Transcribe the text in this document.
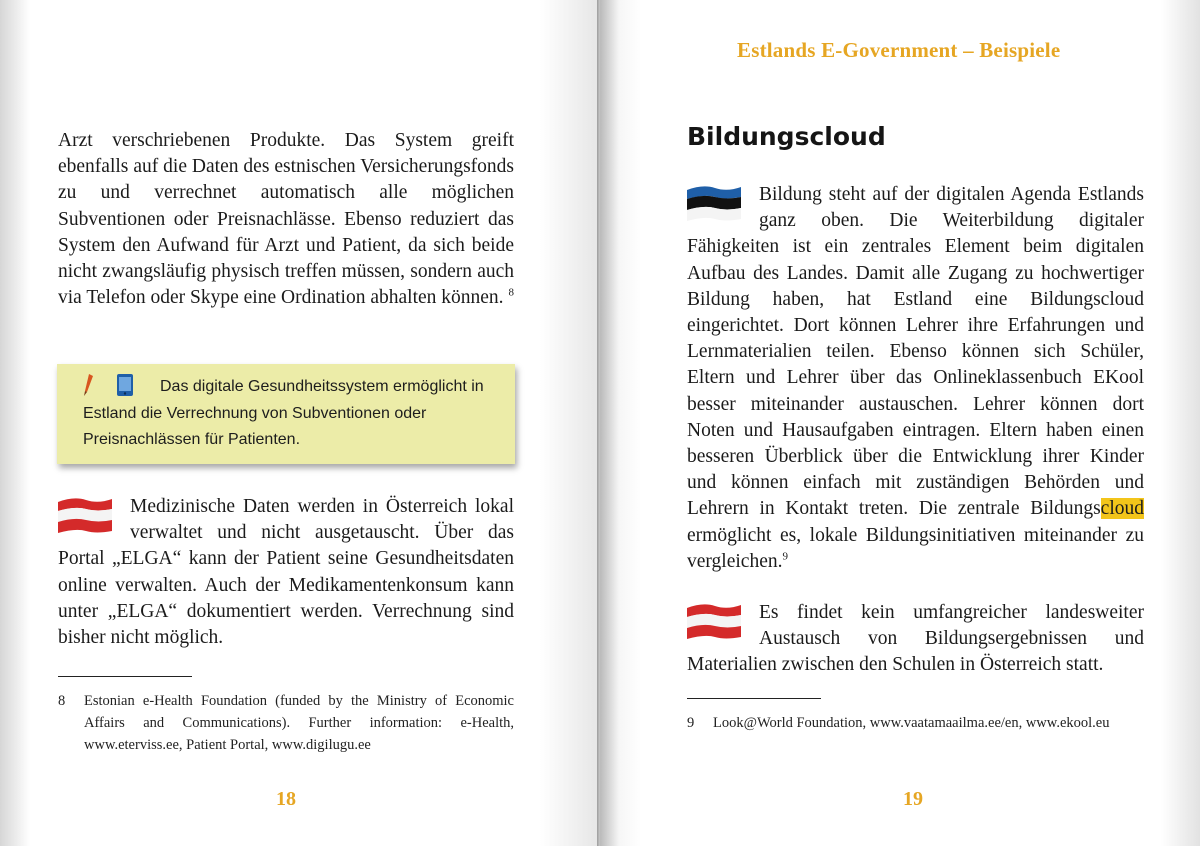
Arzt verschriebenen Produkte. Das System greift ebenfalls auf die Daten des estnischen Versicherungsfonds zu und verrechnet automatisch alle möglichen Subventionen oder Preisnachlässe. Ebenso reduziert das System den Aufwand für Arzt und Patient, da sich beide nicht zwangsläufig physisch treffen müssen, sondern auch via Telefon oder Skype eine Ordination abhalten können. $^8$
Das digitale Gesundheitssystem ermöglicht in Estland die Verrechnung von Subventionen oder Preisnachlässen für Patienten.
Medizinische Daten werden in Österreich lokal verwaltet und nicht ausgetauscht. Über das Portal „ELGA“ kann der Patient seine Gesundheitsdaten online verwalten. Auch der Medikamentenkonsum kann unter „ELGA“ dokumentiert werden. Verrechnung sind bisher nicht möglich.
8 Estonian e-Health Foundation (funded by the Ministry of Economic Affairs and Communications). Further information: e-Health, www.eterviss.ee, Patient Portal, www.digilugu.ee
18
Estlands E-Government – Beispiele
Bildungscloud
Bildung steht auf der digitalen Agenda Estlands ganz oben. Die Weiterbildung digitaler Fähigkeiten ist ein zentrales Element beim digitalen Aufbau des Landes. Damit alle Zugang zu hochwertiger Bildung haben, hat Estland eine Bildungscloud eingerichtet. Dort können Lehrer ihre Erfahrungen und Lernmaterialien teilen. Ebenso können sich Schüler, Eltern und Lehrer über das Onlineklassenbuch EKool besser miteinander austauschen. Lehrer können dort Noten und Hausaufgaben eintragen. Eltern haben einen besseren Überblick über die Entwicklung ihrer Kinder und können einfach mit zuständigen Behörden und Lehrern in Kontakt treten. Die zentrale Bildungscloud ermöglicht es, lokale Bildungsinitiativen miteinander zu vergleichen.$^9$
Es findet kein umfangreicher landesweiter Austausch von Bildungsergebnissen und Materialien zwischen den Schulen in Österreich statt.
9 Look@World Foundation, www.vaatamaailma.ee/en, www.ekool.eu
19
